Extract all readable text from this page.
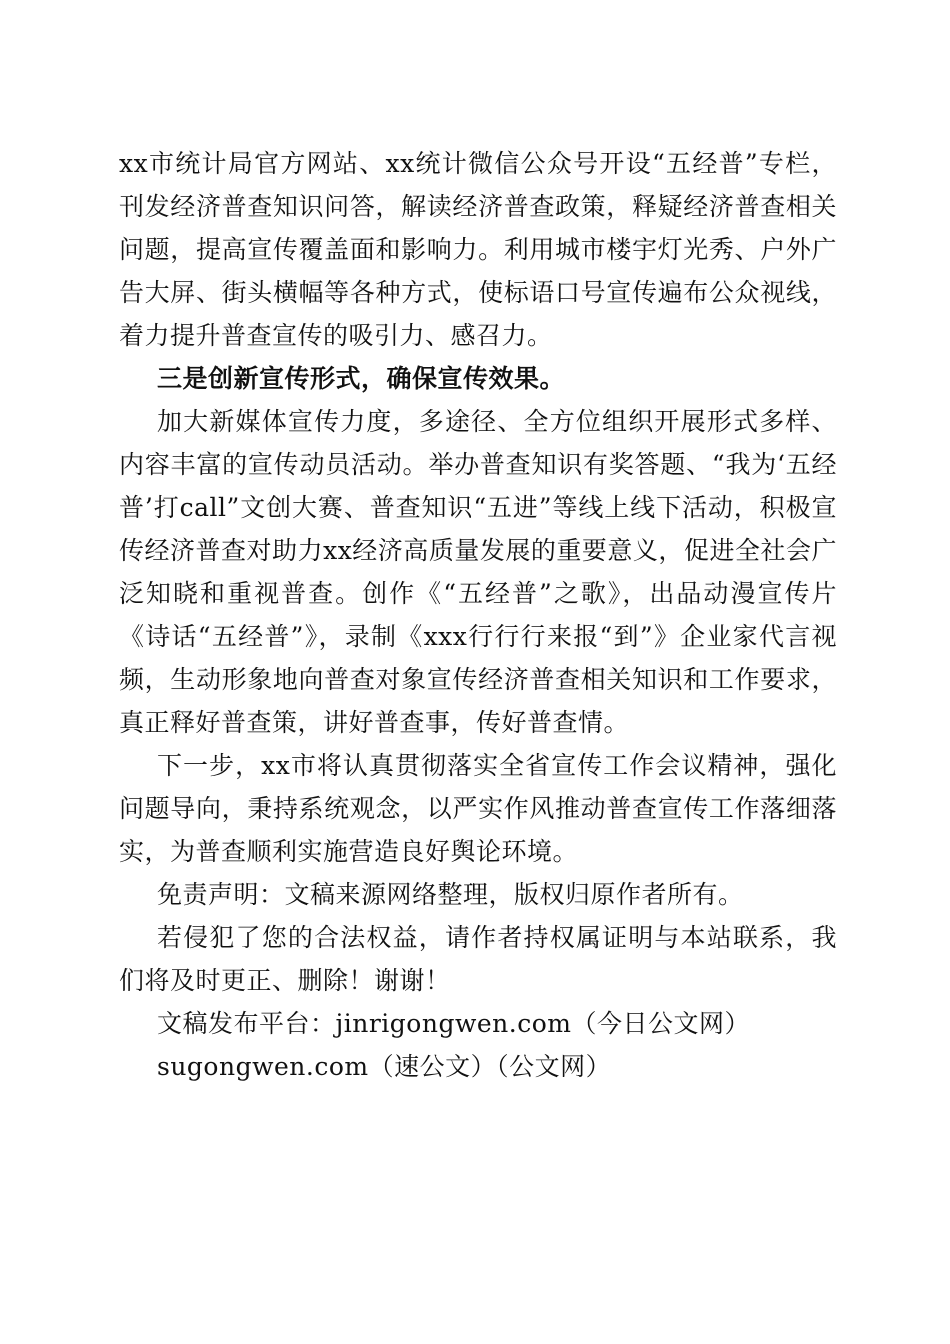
xx市统计局官方网站、xx统计微信公众号开设“五经普”专栏，刊发经济普查知识问答，解读经济普查政策，释疑经济普查相关问题，提高宣传覆盖面和影响力。利用城市楼宇灯光秀、户外广告大屏、街头横幅等各种方式，使标语口号宣传遍布公众视线，着力提升普查宣传的吸引力、感召力。

三是创新宣传形式，确保宣传效果。

加大新媒体宣传力度，多途径、全方位组织开展形式多样、内容丰富的宣传动员活动。举办普查知识有奖答题、“我为‘五经普’打call”文创大赛、普查知识“五进”等线上线下活动，积极宣传经济普查对助力xx经济高质量发展的重要意义，促进全社会广泛知晓和重视普查。创作《“五经普”之歌》，出品动漫宣传片《诗话“五经普”》，录制《xxx行行行来报“到”》企业家代言视频，生动形象地向普查对象宣传经济普查相关知识和工作要求，真正释好普查策，讲好普查事，传好普查情。

下一步，xx市将认真贯彻落实全省宣传工作会议精神，强化问题导向，秉持系统观念，以严实作风推动普查宣传工作落细落实，为普查顺利实施营造良好舆论环境。

免责声明：文稿来源网络整理，版权归原作者所有。

若侵犯了您的合法权益，请作者持权属证明与本站联系，我们将及时更正、删除！谢谢！

文稿发布平台：jinrigongwen.com（今日公文网）

sugongwen.com（速公文）（公文网）
